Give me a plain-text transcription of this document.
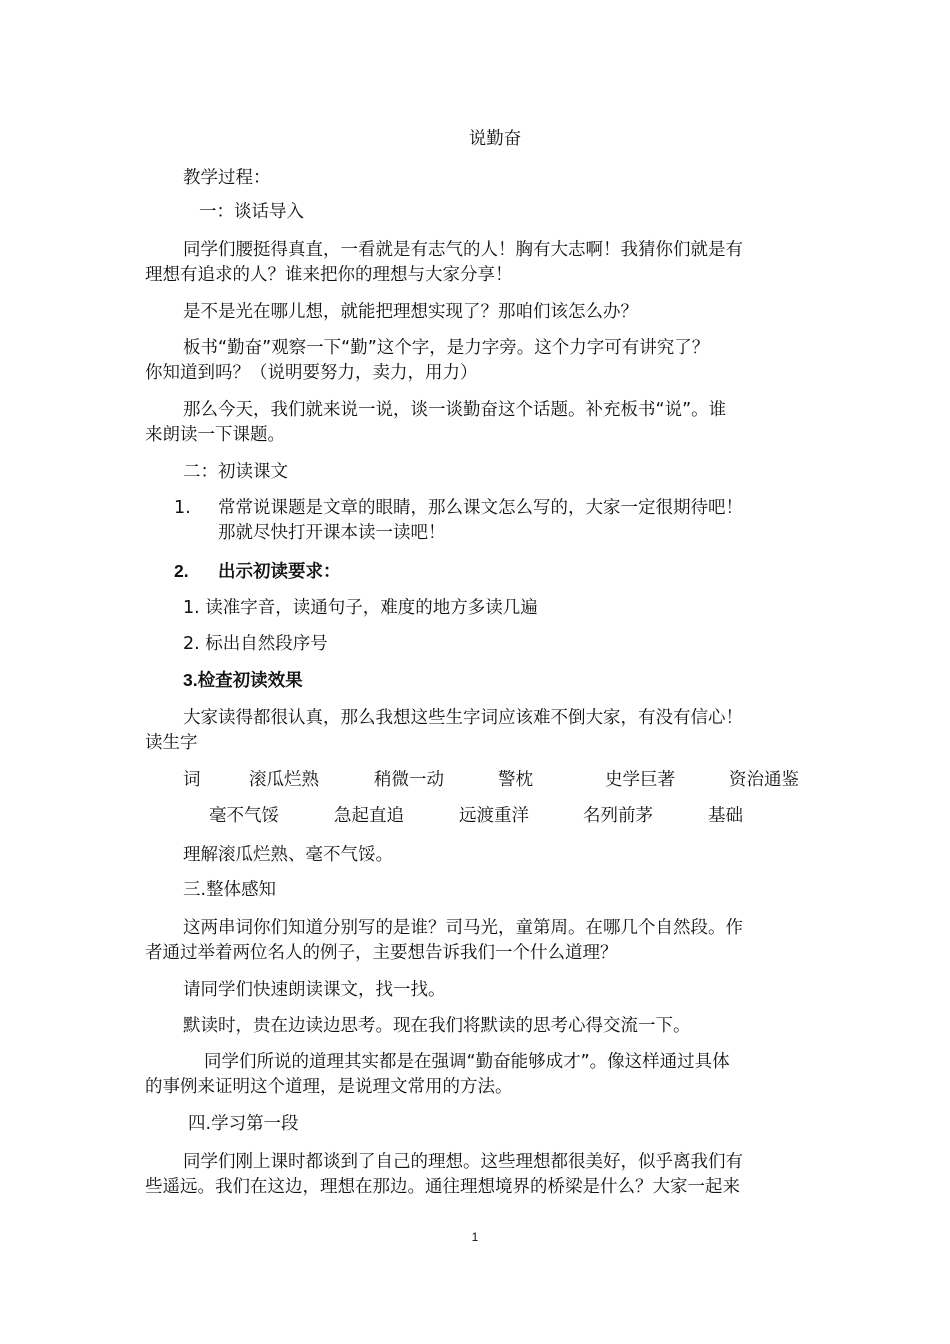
说勤奋
教学过程：
一：谈话导入
同学们腰挺得真直，一看就是有志气的人！胸有大志啊！我猜你们就是有
理想有追求的人？谁来把你的理想与大家分享！
是不是光在哪儿想，就能把理想实现了？那咱们该怎么办？
板书“勤奋”观察一下“勤”这个字，是力字旁。这个力字可有讲究了？
你知道到吗？（说明要努力，卖力，用力）
那么今天，我们就来说一说，谈一谈勤奋这个话题。补充板书“说”。谁
来朗读一下课题。
二：初读课文
1. 常常说课题是文章的眼睛，那么课文怎么写的，大家一定很期待吧！
那就尽快打开课本读一读吧！
2. 出示初读要求：
1. 读准字音，读通句子，难度的地方多读几遍
2. 标出自然段序号
3.检查初读效果
大家读得都很认真，那么我想这些生字词应该难不倒大家，有没有信心！
读生字
词	滚瓜烂熟	稍微一动	警枕	史学巨著	资治通鉴
毫不气馁	急起直追	远渡重洋	名列前茅	基础
理解滚瓜烂熟、毫不气馁。
三.整体感知
这两串词你们知道分别写的是谁？司马光，童第周。在哪几个自然段。作
者通过举着两位名人的例子，主要想告诉我们一个什么道理？
请同学们快速朗读课文，找一找。
默读时，贵在边读边思考。现在我们将默读的思考心得交流一下。
同学们所说的道理其实都是在强调“勤奋能够成才”。像这样通过具体
的事例来证明这个道理，是说理文常用的方法。
四.学习第一段
同学们刚上课时都谈到了自己的理想。这些理想都很美好，似乎离我们有
些遥远。我们在这边，理想在那边。通往理想境界的桥梁是什么？大家一起来
1
